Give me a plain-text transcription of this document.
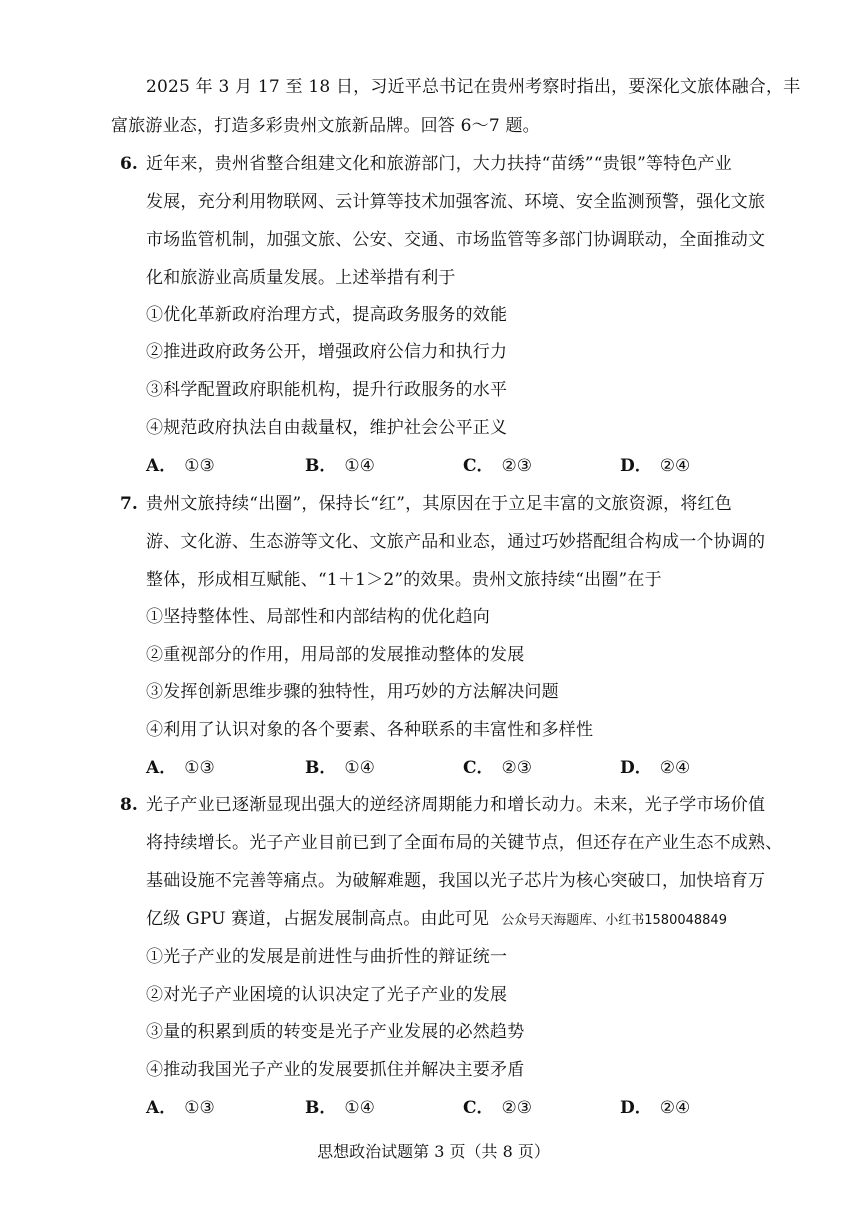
2025 年 3 月 17 至 18 日，习近平总书记在贵州考察时指出，要深化文旅体融合，丰
富旅游业态，打造多彩贵州文旅新品牌。回答 6～7 题。
6. 近年来，贵州省整合组建文化和旅游部门，大力扶持“苗绣”“贵银”等特色产业
发展，充分利用物联网、云计算等技术加强客流、环境、安全监测预警，强化文旅
市场监管机制，加强文旅、公安、交通、市场监管等多部门协调联动，全面推动文
化和旅游业高质量发展。上述举措有利于
①优化革新政府治理方式，提高政务服务的效能
②推进政府政务公开，增强政府公信力和执行力
③科学配置政府职能机构，提升行政服务的水平
④规范政府执法自由裁量权，维护社会公平正义
A． ①③	B． ①④	C． ②③	D． ②④
7. 贵州文旅持续“出圈”，保持长“红”，其原因在于立足丰富的文旅资源，将红色
游、文化游、生态游等文化、文旅产品和业态，通过巧妙搭配组合构成一个协调的
整体，形成相互赋能、“1＋1＞2”的效果。贵州文旅持续“出圈”在于
①坚持整体性、局部性和内部结构的优化趋向
②重视部分的作用，用局部的发展推动整体的发展
③发挥创新思维步骤的独特性，用巧妙的方法解决问题
④利用了认识对象的各个要素、各种联系的丰富性和多样性
A． ①③	B． ①④	C． ②③	D． ②④
8. 光子产业已逐渐显现出强大的逆经济周期能力和增长动力。未来，光子学市场价值
将持续增长。光子产业目前已到了全面布局的关键节点，但还存在产业生态不成熟、
基础设施不完善等痛点。为破解难题，我国以光子芯片为核心突破口，加快培育万
亿级 GPU 赛道，占据发展制高点。由此可见 公众号天海题库、小红书1580048849
①光子产业的发展是前进性与曲折性的辩证统一
②对光子产业困境的认识决定了光子产业的发展
③量的积累到质的转变是光子产业发展的必然趋势
④推动我国光子产业的发展要抓住并解决主要矛盾
A． ①③	B． ①④	C． ②③	D． ②④
思想政治试题第 3 页（共 8 页）
